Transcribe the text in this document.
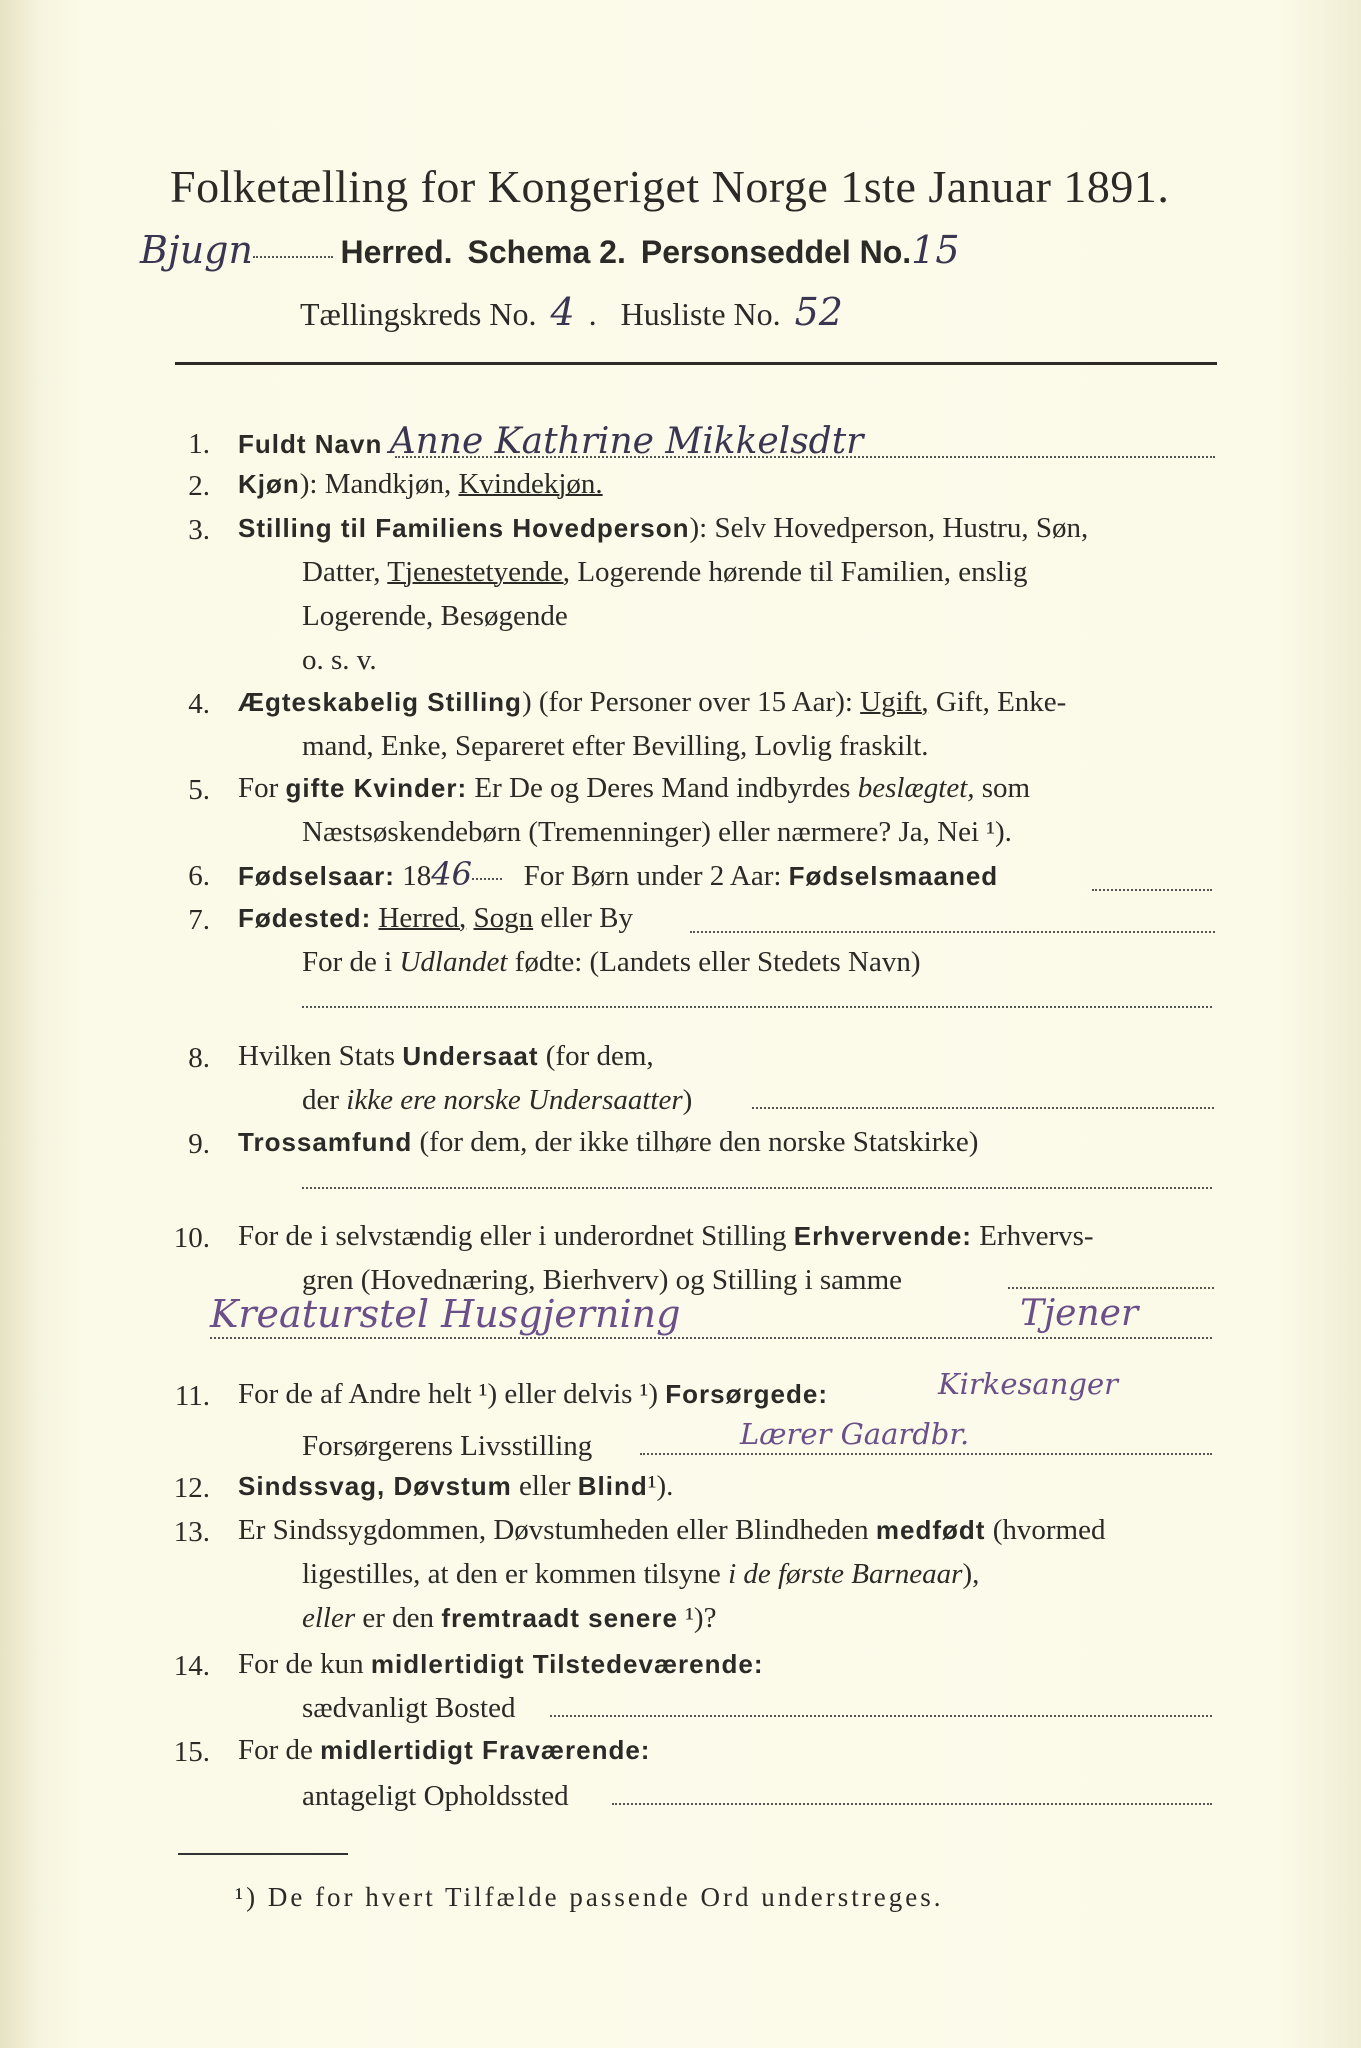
Folketælling for Kongeriget Norge 1ste Januar 1891.
Bjugn	Herred. Schema 2. Personseddel No.15
Tællingskreds No. 4 .   Husliste No. 52
1. Fuldt Navn Anne Kathrine Mikkelsdtr
2. Kjøn): Mandkjøn, Kvindekjøn.
3. Stilling til Familiens Hovedperson): Selv Hovedperson, Hustru, Søn,
Datter, Tjenestetyende, Logerende hørende til Familien, enslig
Logerende, Besøgende
o. s. v.
4. Ægteskabelig Stilling) (for Personer over 15 Aar): Ugift, Gift, Enke-
mand, Enke, Separeret efter Bevilling, Lovlig fraskilt.
5. For gifte Kvinder: Er De og Deres Mand indbyrdes beslægtet, som
Næstsøskendebørn (Tremenninger) eller nærmere? Ja, Nei ¹).
6. Fødselsaar: 1846 For Børn under 2 Aar: Fødselsmaaned
7. Fødested: Herred, Sogn eller By
For de i Udlandet fødte: (Landets eller Stedets Navn)
8. Hvilken Stats Undersaat (for dem,
der ikke ere norske Undersaatter)
9. Trossamfund (for dem, der ikke tilhøre den norske Statskirke)
10. For de i selvstændig eller i underordnet Stilling Erhvervende: Erhvervs-
gren (Hovednæring, Bierhverv) og Stilling i samme
Kreaturstel Husgjerning	Tjener
11. For de af Andre helt ¹) eller delvis ¹) Forsørgede:	Kirkesanger
Forsørgerens Livsstilling	Lærer Gaardbr.
12. Sindssvag, Døvstum eller Blind¹).
13. Er Sindssygdommen, Døvstumheden eller Blindheden medfødt (hvormed
ligestilles, at den er kommen tilsyne i de første Barneaar),
eller er den fremtraadt senere ¹)?
14. For de kun midlertidigt Tilstedeværende:
sædvanligt Bosted
15. For de midlertidigt Fraværende:
antageligt Opholdssted
¹) De for hvert Tilfælde passende Ord understreges.
